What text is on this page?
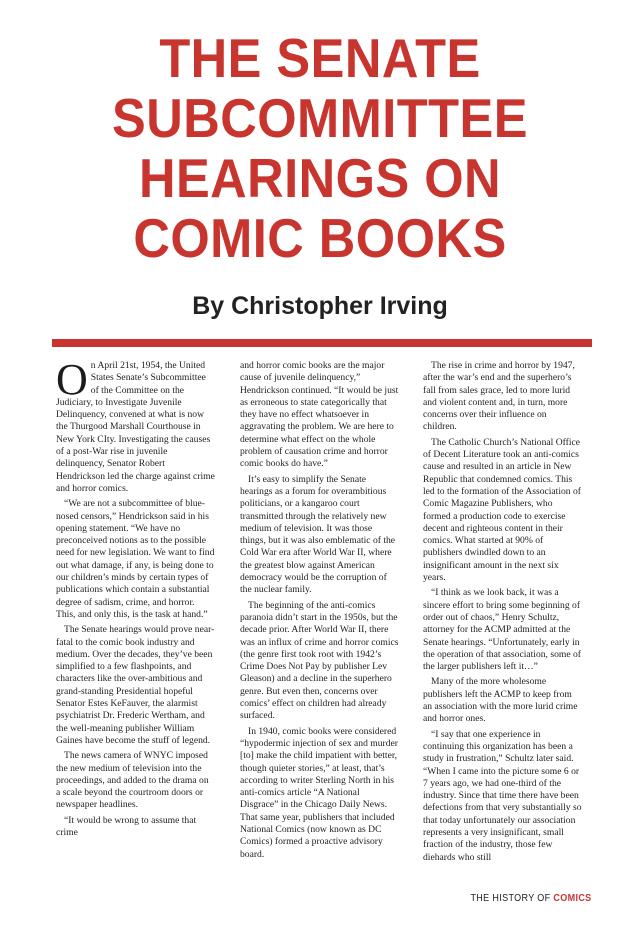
THE SENATE
SUBCOMMITTEE
HEARINGS ON
COMIC BOOKS
By Christopher Irving

On April 21st, 1954, the United States Senate’s Subcommittee of the Committee on the Judiciary, to Investigate Juvenile Delinquency, convened at what is now the Thurgood Marshall Courthouse in New York CIty. Investigating the causes of a post-War rise in juvenile delinquency, Senator Robert Hendrickson led the charge against crime and horror comics.

“We are not a subcommittee of blue-nosed censors,” Hendrickson said in his opening statement. “We have no preconceived notions as to the possible need for new legislation. We want to find out what damage, if any, is being done to our children’s minds by certain types of publications which contain a substantial degree of sadism, crime, and horror. This, and only this, is the task at hand.”

The Senate hearings would prove near-fatal to the comic book industry and medium. Over the decades, they’ve been simplified to a few flashpoints, and characters like the over-ambitious and grand-standing Presidential hopeful Senator Estes KeFauver, the alarmist psychiatrist Dr. Frederic Wertham, and the well-meaning publisher William Gaines have become the stuff of legend.

The news camera of WNYC imposed the new medium of television into the proceedings, and added to the drama on a scale beyond the courtroom doors or newspaper headlines.

“It would be wrong to assume that crime

and horror comic books are the major cause of juvenile delinquency,” Hendrickson continued. “It would be just as erroneous to state categorically that they have no effect whatsoever in aggravating the problem. We are here to determine what effect on the whole problem of causation crime and horror comic books do have.”

It’s easy to simplify the Senate hearings as a forum for overambitious politicians, or a kangaroo court transmitted through the relatively new medium of television. It was those things, but it was also emblematic of the Cold War era after World War II, where the greatest blow against American democracy would be the corruption of the nuclear family.

The beginning of the anti-comics paranoia didn’t start in the 1950s, but the decade prior. After World War II, there was an influx of crime and horror comics (the genre first took root with 1942’s Crime Does Not Pay by publisher Lev Gleason) and a decline in the superhero genre. But even then, concerns over comics’ effect on children had already surfaced.

In 1940, comic books were considered “hypodermic injection of sex and murder [to] make the child impatient with better, though quieter stories,” at least, that’s according to writer Sterling North in his anti-comics article “A National Disgrace” in the Chicago Daily News. That same year, publishers that included National Comics (now known as DC Comics) formed a proactive advisory board.

The rise in crime and horror by 1947, after the war’s end and the superhero’s fall from sales grace, led to more lurid and violent content and, in turn, more concerns over their influence on children.

The Catholic Church’s National Office of Decent Literature took an anti-comics cause and resulted in an article in New Republic that condemned comics. This led to the formation of the Association of Comic Magazine Publishers, who formed a production code to exercise decent and righteous content in their comics. What started at 90% of publishers dwindled down to an insignificant amount in the next six years.

“I think as we look back, it was a sincere effort to bring some beginning of order out of chaos,” Henry Schultz, attorney for the ACMP admitted at the Senate hearings. “Unfortunately, early in the operation of that association, some of the larger publishers left it…”

Many of the more wholesome publishers left the ACMP to keep from an association with the more lurid crime and horror ones.

“I say that one experience in continuing this organization has been a study in frustration,” Schultz later said. “When I came into the picture some 6 or 7 years ago, we had one-third of the industry. Since that time there have been defections from that very substantially so that today unfortunately our association represents a very insignificant, small fraction of the industry, those few diehards who still

THE HISTORY OF COMICS
